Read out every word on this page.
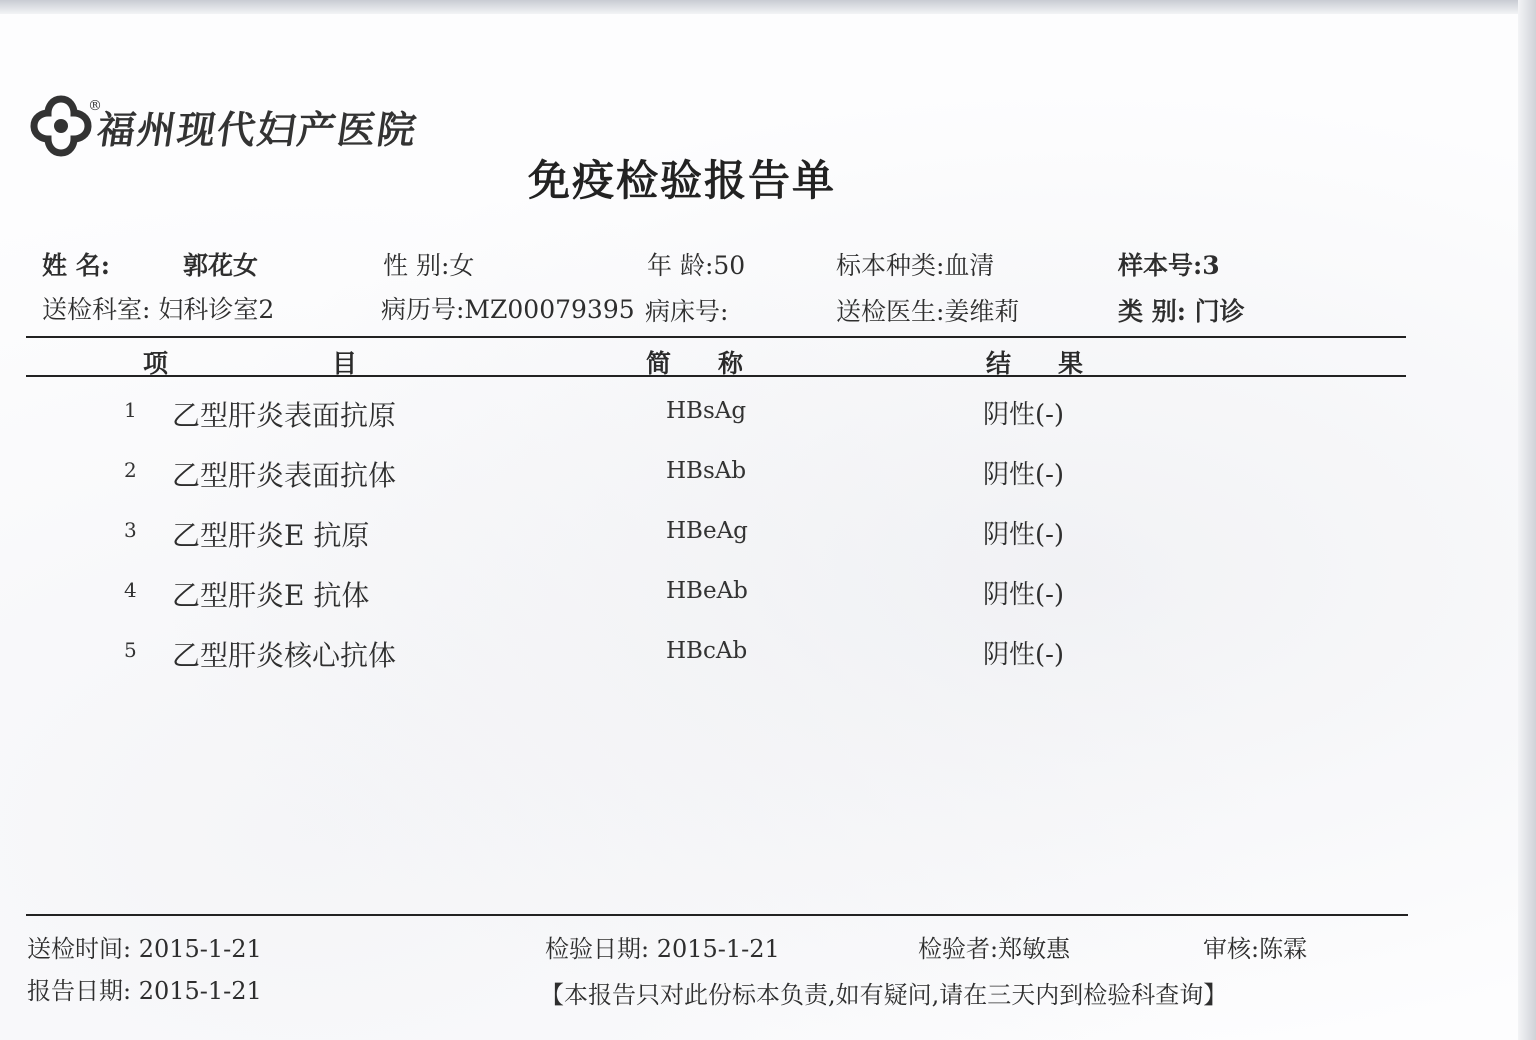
福州现代妇产医院
®
免疫检验报告单
姓 名:	郭花女	性 别:女	年 龄:50	标本种类:血清	样本号:3
送检科室: 妇科诊室2	病历号:MZ00079395 病床号:	送检医生:姜维莉	类 别: 门诊
项	目	简 称	结 果
1 乙型肝炎表面抗原	HBsAg	阴性(-)
2 乙型肝炎表面抗体	HBsAb	阴性(-)
3 乙型肝炎E 抗原	HBeAg	阴性(-)
4 乙型肝炎E 抗体	HBeAb	阴性(-)
5 乙型肝炎核心抗体	HBcAb	阴性(-)
送检时间: 2015-1-21	检验日期: 2015-1-21	检验者:郑敏惠	审核:陈霖
报告日期: 2015-1-21	【本报告只对此份标本负责,如有疑问,请在三天内到检验科查询】
